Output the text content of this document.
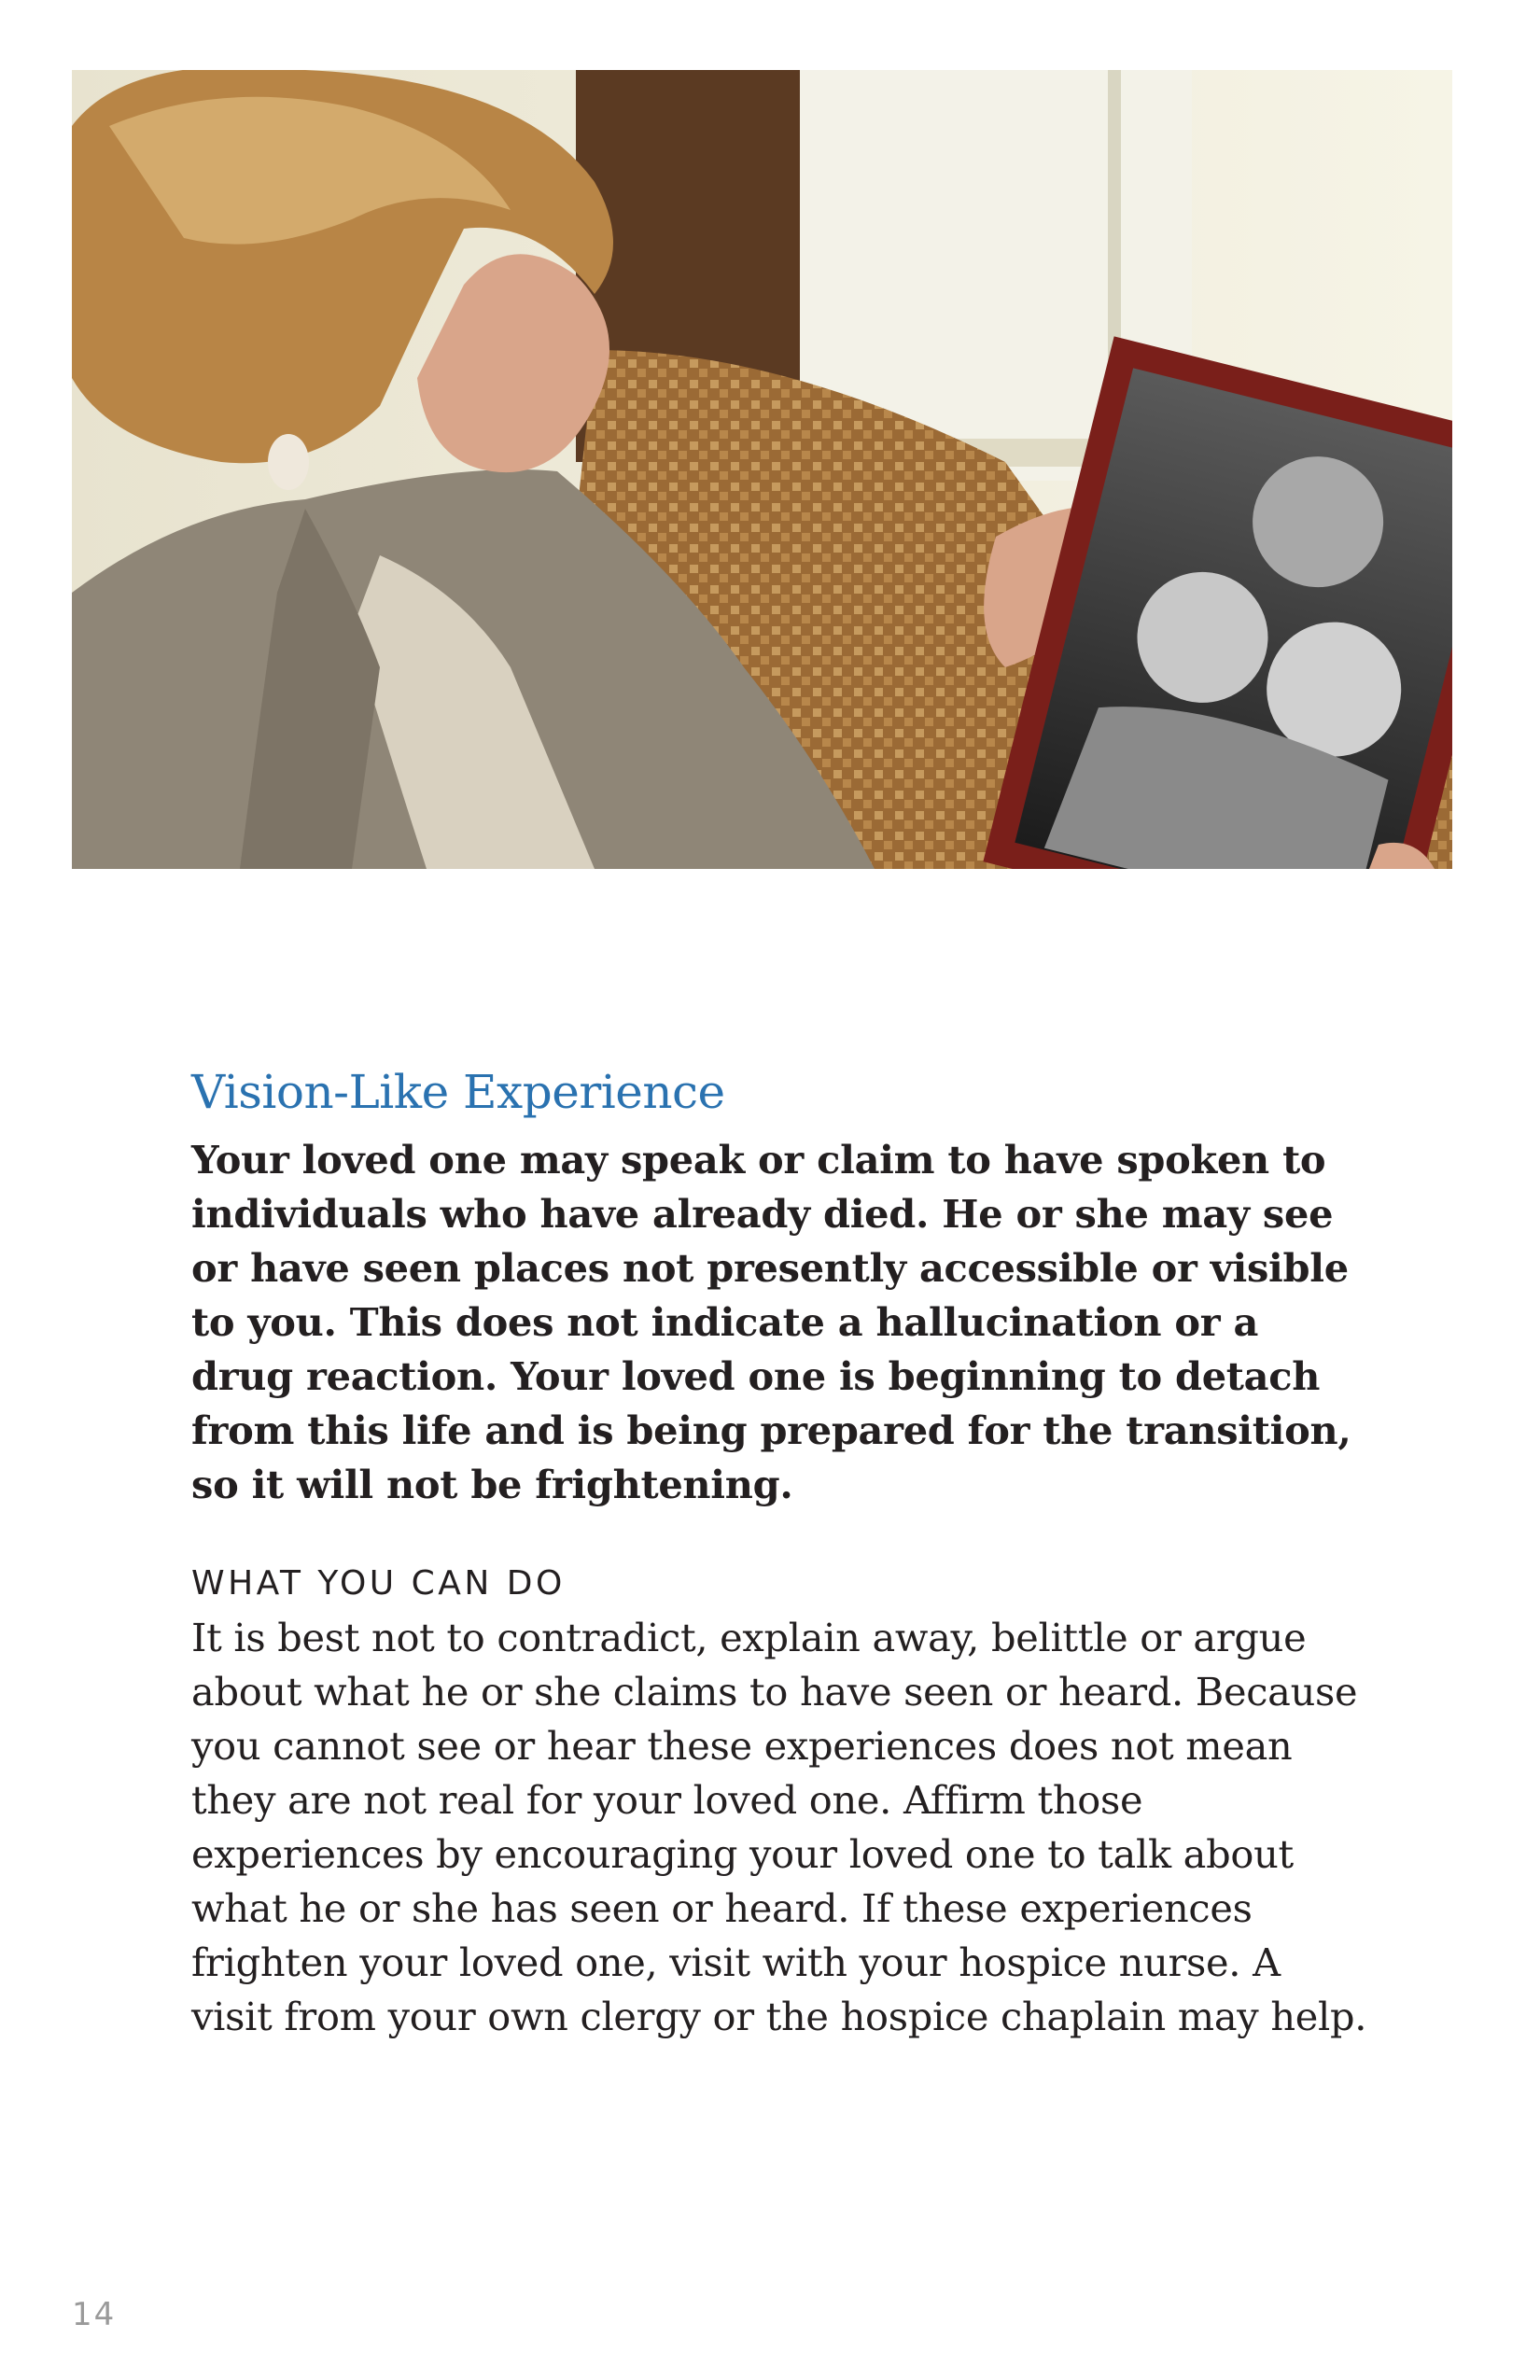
Vision-Like Experience

Your loved one may speak or claim to have spoken to individuals who have already died. He or she may see or have seen places not presently accessible or visible to you. This does not indicate a hallucination or a drug reaction. Your loved one is beginning to detach from this life and is being prepared for the transition, so it will not be frightening.

WHAT YOU CAN DO

It is best not to contradict, explain away, belittle or argue about what he or she claims to have seen or heard. Because you cannot see or hear these experiences does not mean they are not real for your loved one. Affirm those experiences by encouraging your loved one to talk about what he or she has seen or heard. If these experiences frighten your loved one, visit with your hospice nurse. A visit from your own clergy or the hospice chaplain may help.

14
